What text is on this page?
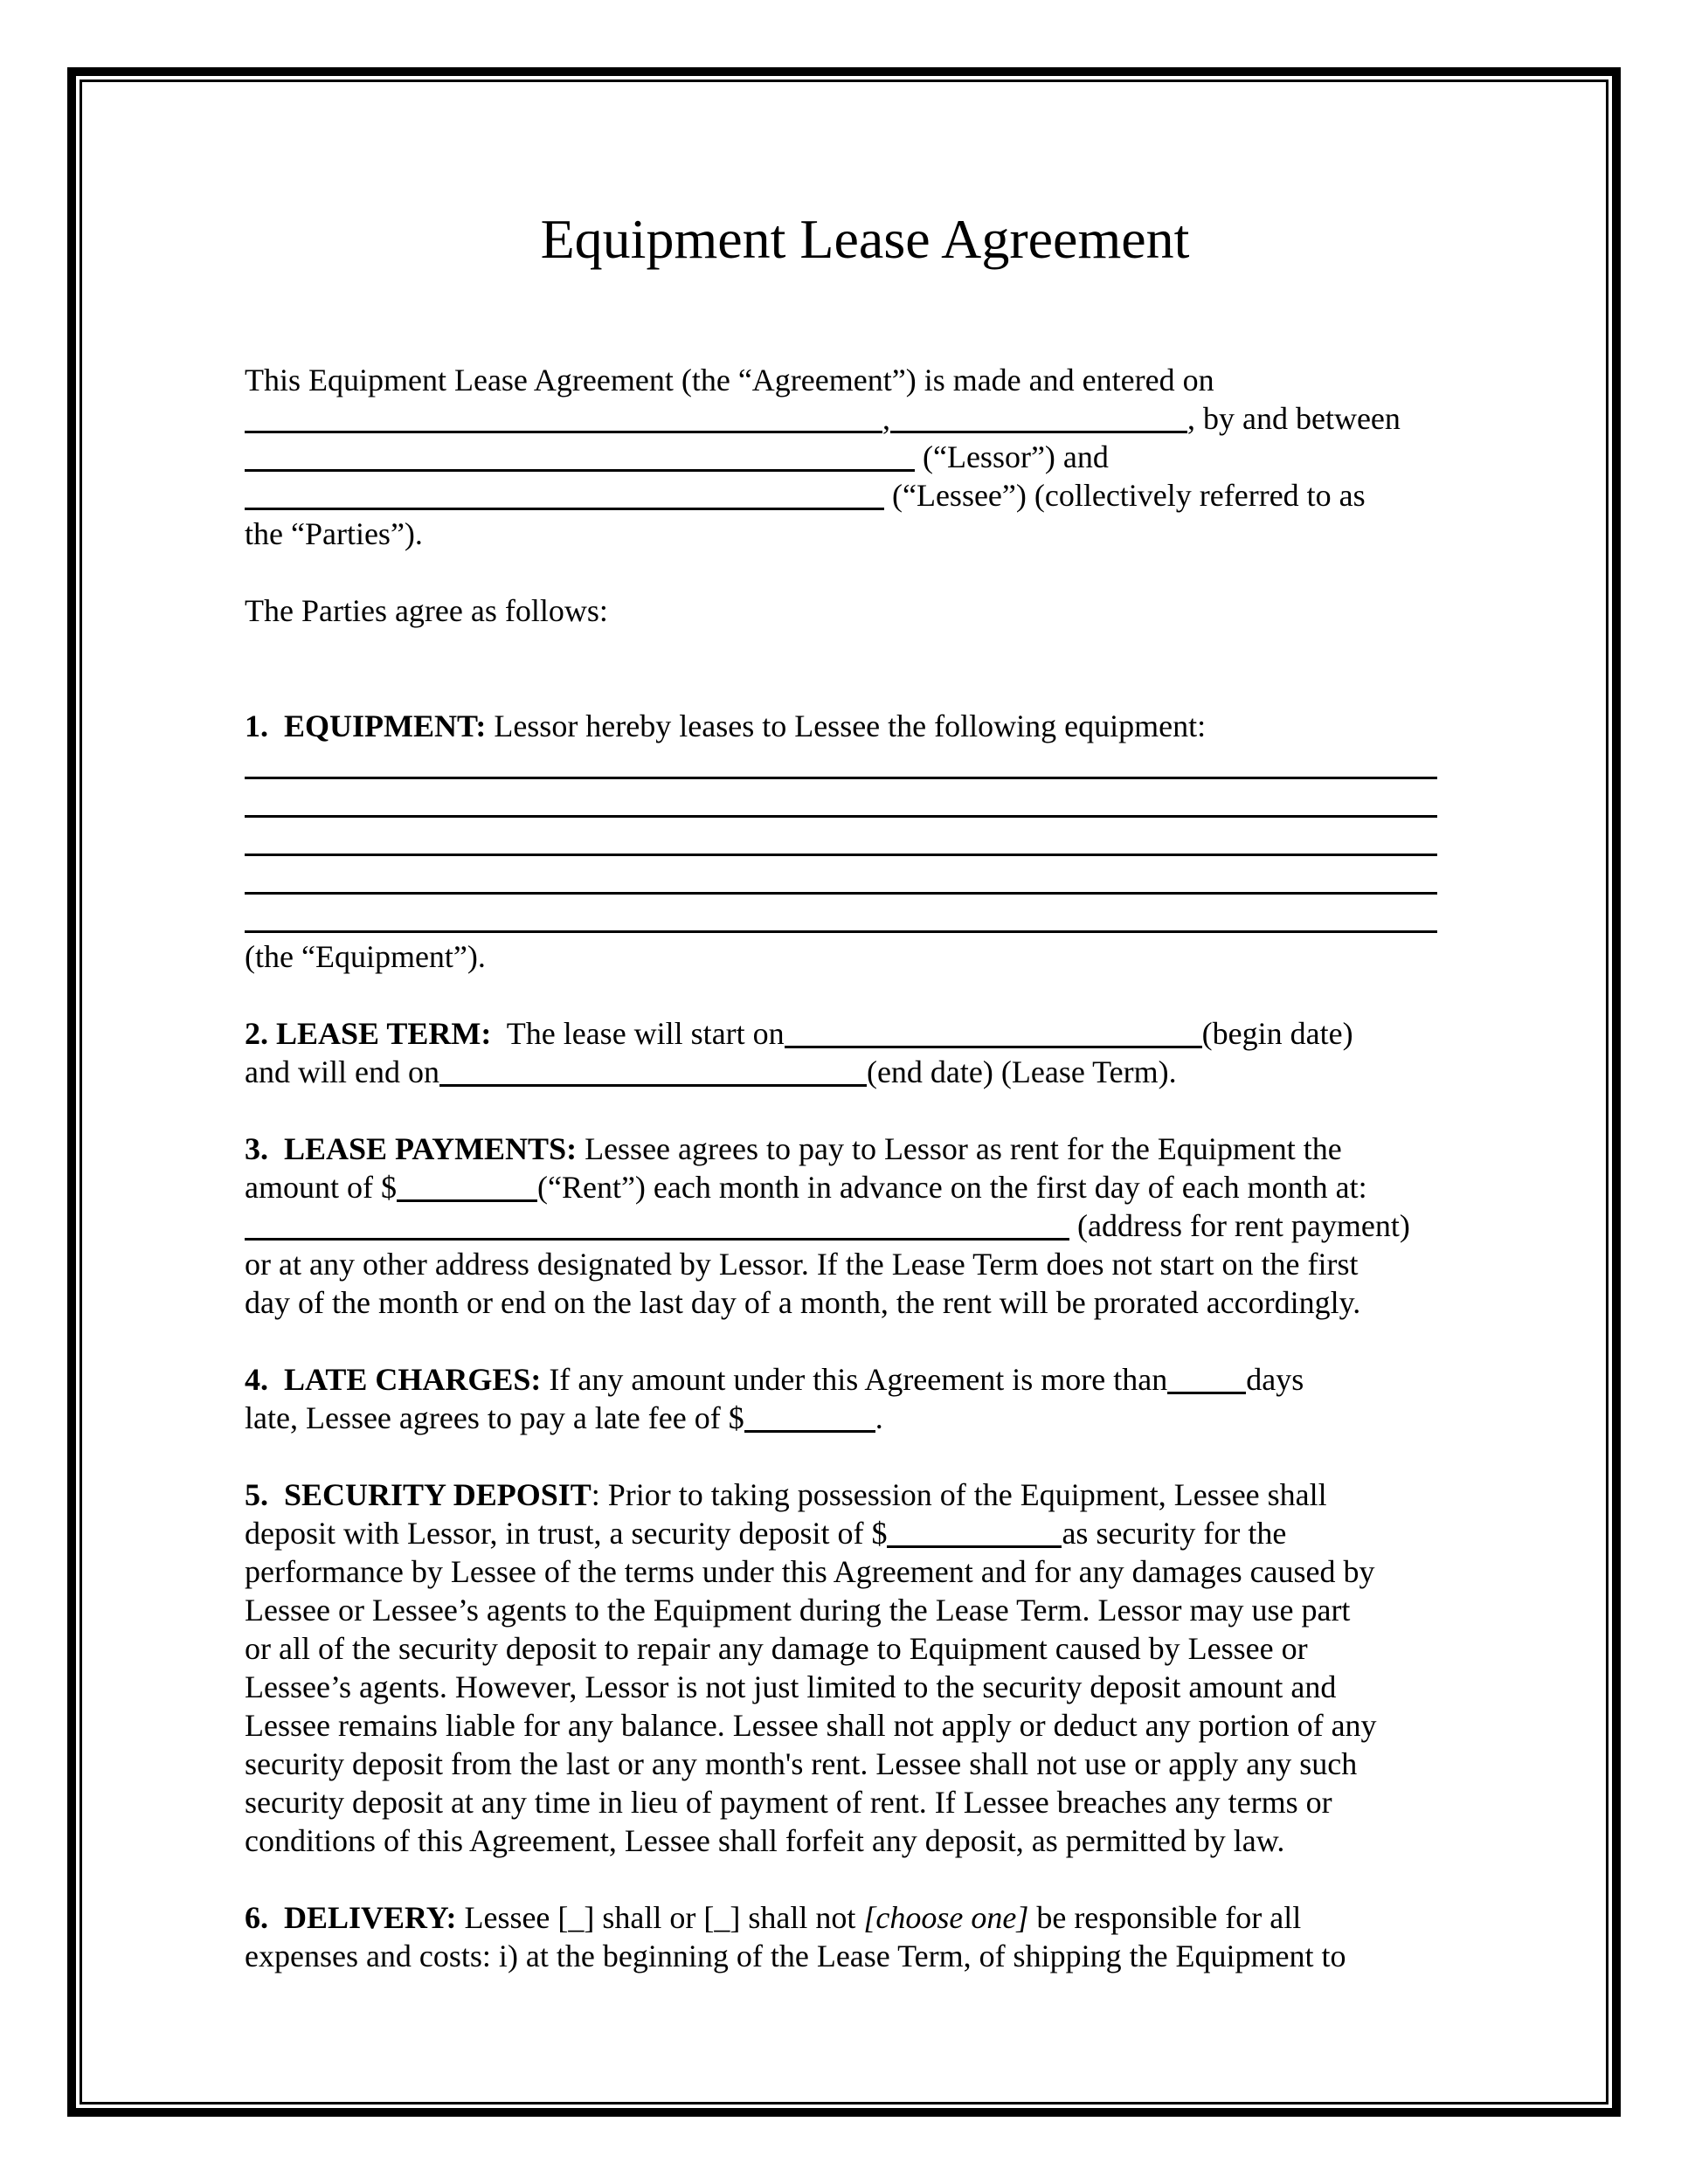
Equipment Lease Agreement
This Equipment Lease Agreement (the “Agreement”) is made and entered on
,	, by and between
(“Lessor”) and
(“Lessee”) (collectively referred to as
the “Parties”).
The Parties agree as follows:
1.  EQUIPMENT: Lessor hereby leases to Lessee the following equipment:
(the “Equipment”).
2. LEASE TERM:  The lease will start on	(begin date)
and will end on	(end date) (Lease Term).
3.  LEASE PAYMENTS: Lessee agrees to pay to Lessor as rent for the Equipment the
amount of $	(“Rent”) each month in advance on the first day of each month at:
(address for rent payment)
or at any other address designated by Lessor. If the Lease Term does not start on the first
day of the month or end on the last day of a month, the rent will be prorated accordingly.
4.  LATE CHARGES: If any amount under this Agreement is more than	days
late, Lessee agrees to pay a late fee of $	.
5.  SECURITY DEPOSIT: Prior to taking possession of the Equipment, Lessee shall
deposit with Lessor, in trust, a security deposit of $	as security for the
performance by Lessee of the terms under this Agreement and for any damages caused by
Lessee or Lessee’s agents to the Equipment during the Lease Term. Lessor may use part
or all of the security deposit to repair any damage to Equipment caused by Lessee or
Lessee’s agents. However, Lessor is not just limited to the security deposit amount and
Lessee remains liable for any balance. Lessee shall not apply or deduct any portion of any
security deposit from the last or any month's rent. Lessee shall not use or apply any such
security deposit at any time in lieu of payment of rent. If Lessee breaches any terms or
conditions of this Agreement, Lessee shall forfeit any deposit, as permitted by law.
6.  DELIVERY: Lessee [_] shall or [_] shall not [choose one] be responsible for all
expenses and costs: i) at the beginning of the Lease Term, of shipping the Equipment to
